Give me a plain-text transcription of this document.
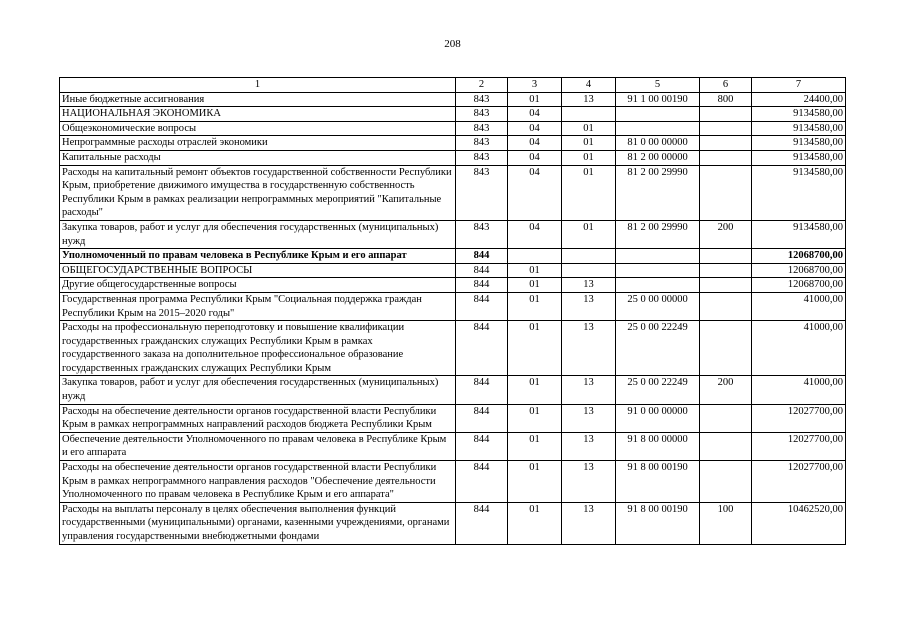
208
1	2	3	4	5	6	7
Иные бюджетные ассигнования	843	01	13	91 1 00 00190	800	24400,00
НАЦИОНАЛЬНАЯ ЭКОНОМИКА	843	04				9134580,00
Общеэкономические вопросы	843	04	01			9134580,00
Непрограммные расходы отраслей экономики	843	04	01	81 0 00 00000		9134580,00
Капитальные расходы	843	04	01	81 2 00 00000		9134580,00
Расходы на капитальный ремонт объектов государственной собственности Республики Крым, приобретение движимого имущества в государственную собственность Республики Крым в рамках реализации непрограммных мероприятий "Капитальные расходы"	843	04	01	81 2 00 29990		9134580,00
Закупка товаров, работ и услуг для обеспечения государственных (муниципальных) нужд	843	04	01	81 2 00 29990	200	9134580,00
Уполномоченный по правам человека в Республике Крым и его аппарат	844					12068700,00
ОБЩЕГОСУДАРСТВЕННЫЕ ВОПРОСЫ	844	01				12068700,00
Другие общегосударственные вопросы	844	01	13			12068700,00
Государственная программа Республики Крым "Социальная поддержка граждан Республики Крым на 2015–2020 годы"	844	01	13	25 0 00 00000		41000,00
Расходы на профессиональную переподготовку и повышение квалификации государственных гражданских служащих Республики Крым в рамках государственного заказа на дополнительное профессиональное образование государственных гражданских служащих Республики Крым	844	01	13	25 0 00 22249		41000,00
Закупка товаров, работ и услуг для обеспечения государственных (муниципальных) нужд	844	01	13	25 0 00 22249	200	41000,00
Расходы на обеспечение деятельности органов государственной власти Республики Крым в рамках непрограммных направлений расходов бюджета Республики Крым	844	01	13	91 0 00 00000		12027700,00
Обеспечение деятельности Уполномоченного по правам человека в Республике Крым и его аппарата	844	01	13	91 8 00 00000		12027700,00
Расходы на обеспечение деятельности органов государственной власти Республики Крым в рамках непрограммного направления расходов "Обеспечение деятельности Уполномоченного по правам человека в Республике Крым и его аппарата"	844	01	13	91 8 00 00190		12027700,00
Расходы на выплаты персоналу в целях обеспечения выполнения функций государственными (муниципальными) органами, казенными учреждениями, органами управления государственными внебюджетными фондами	844	01	13	91 8 00 00190	100	10462520,00
